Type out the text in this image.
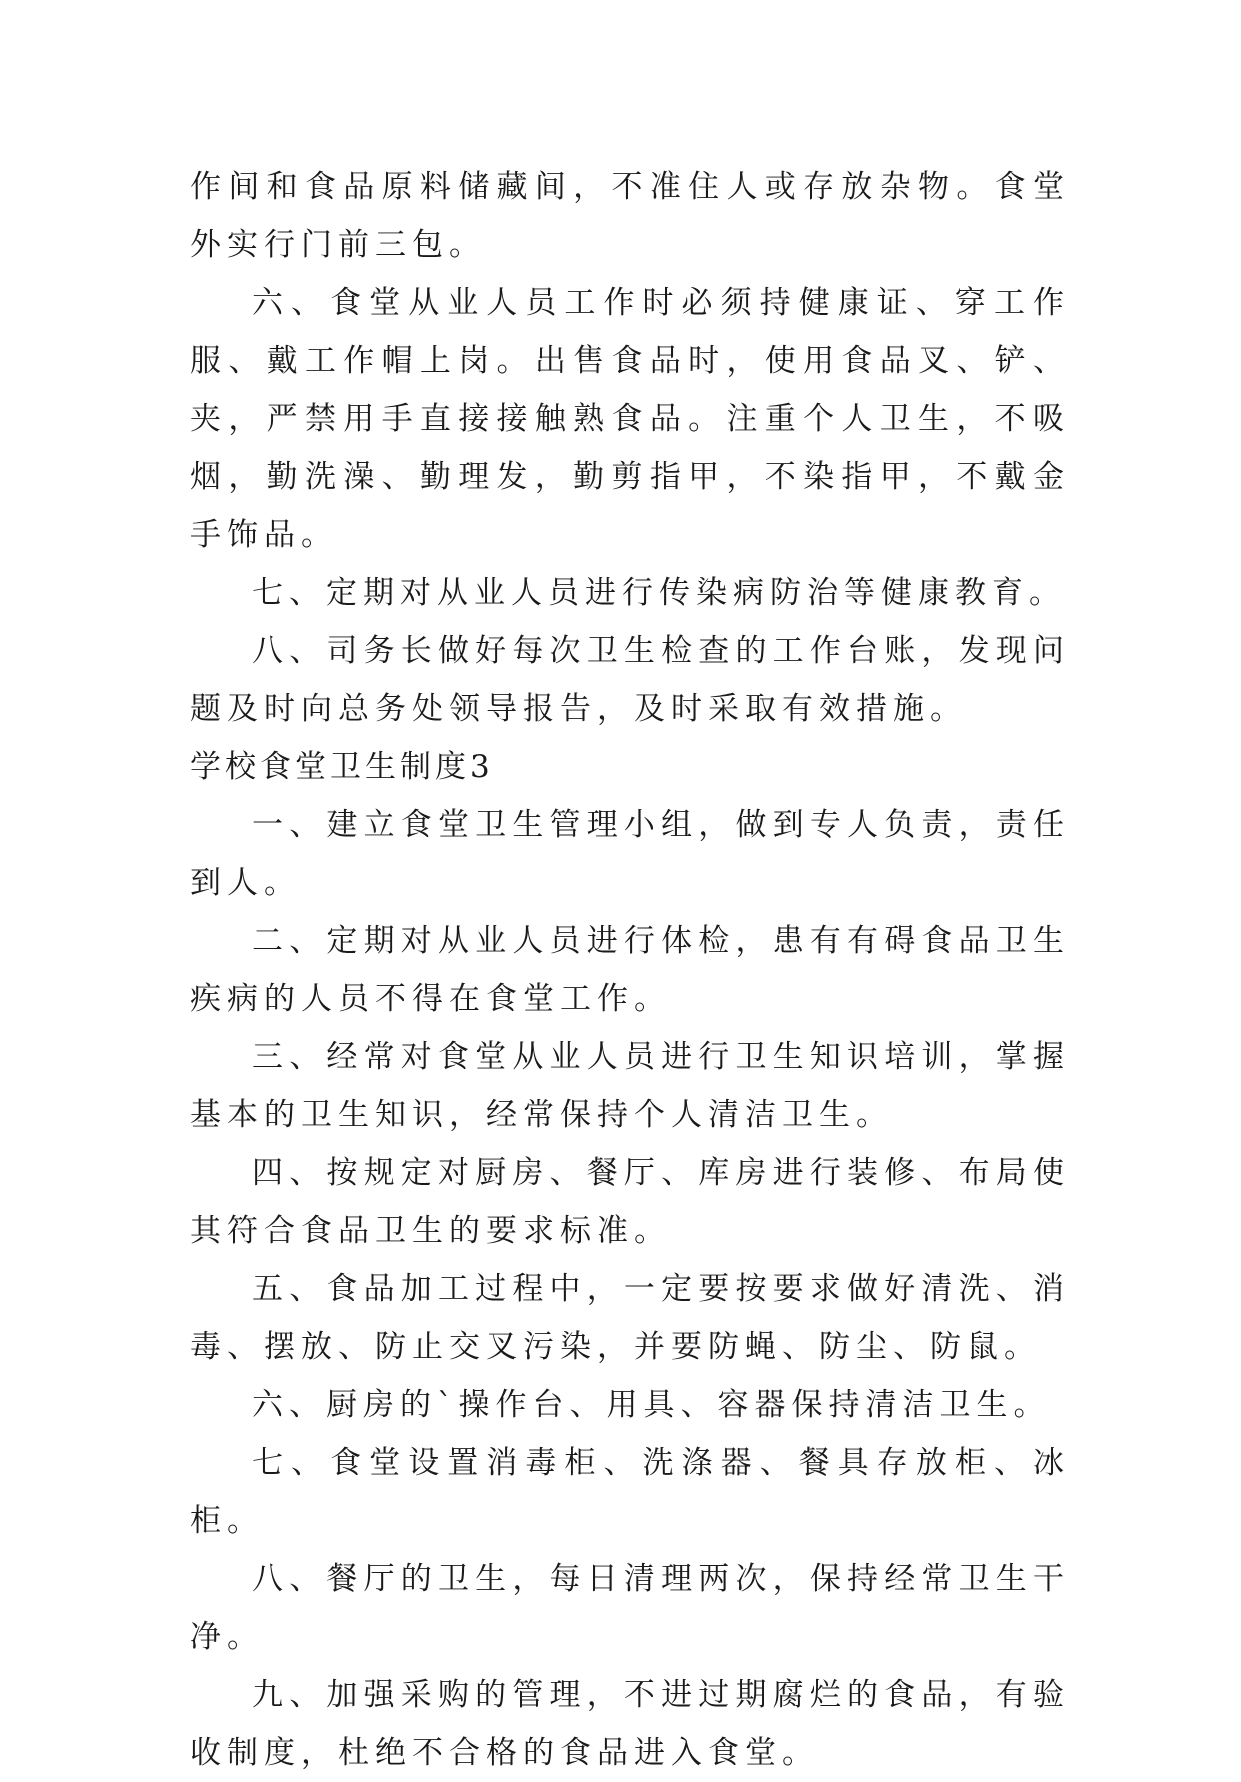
作间和食品原料储藏间，不准住人或存放杂物。食堂外实行门前三包。

六、食堂从业人员工作时必须持健康证、穿工作服、戴工作帽上岗。出售食品时，使用食品叉、铲、夹，严禁用手直接接触熟食品。注重个人卫生，不吸烟，勤洗澡、勤理发，勤剪指甲，不染指甲，不戴金手饰品。

七、定期对从业人员进行传染病防治等健康教育。

八、司务长做好每次卫生检查的工作台账，发现问题及时向总务处领导报告，及时采取有效措施。

学校食堂卫生制度3

一、建立食堂卫生管理小组，做到专人负责，责任到人。

二、定期对从业人员进行体检，患有有碍食品卫生疾病的人员不得在食堂工作。

三、经常对食堂从业人员进行卫生知识培训，掌握基本的卫生知识，经常保持个人清洁卫生。

四、按规定对厨房、餐厅、库房进行装修、布局使其符合食品卫生的要求标准。

五、食品加工过程中，一定要按要求做好清洗、消毒、摆放、防止交叉污染，并要防蝇、防尘、防鼠。

六、厨房的`操作台、用具、容器保持清洁卫生。

七、食堂设置消毒柜、洗涤器、餐具存放柜、冰柜。

八、餐厅的卫生，每日清理两次，保持经常卫生干净。

九、加强采购的管理，不进过期腐烂的食品，有验收制度，杜绝不合格的食品进入食堂。
